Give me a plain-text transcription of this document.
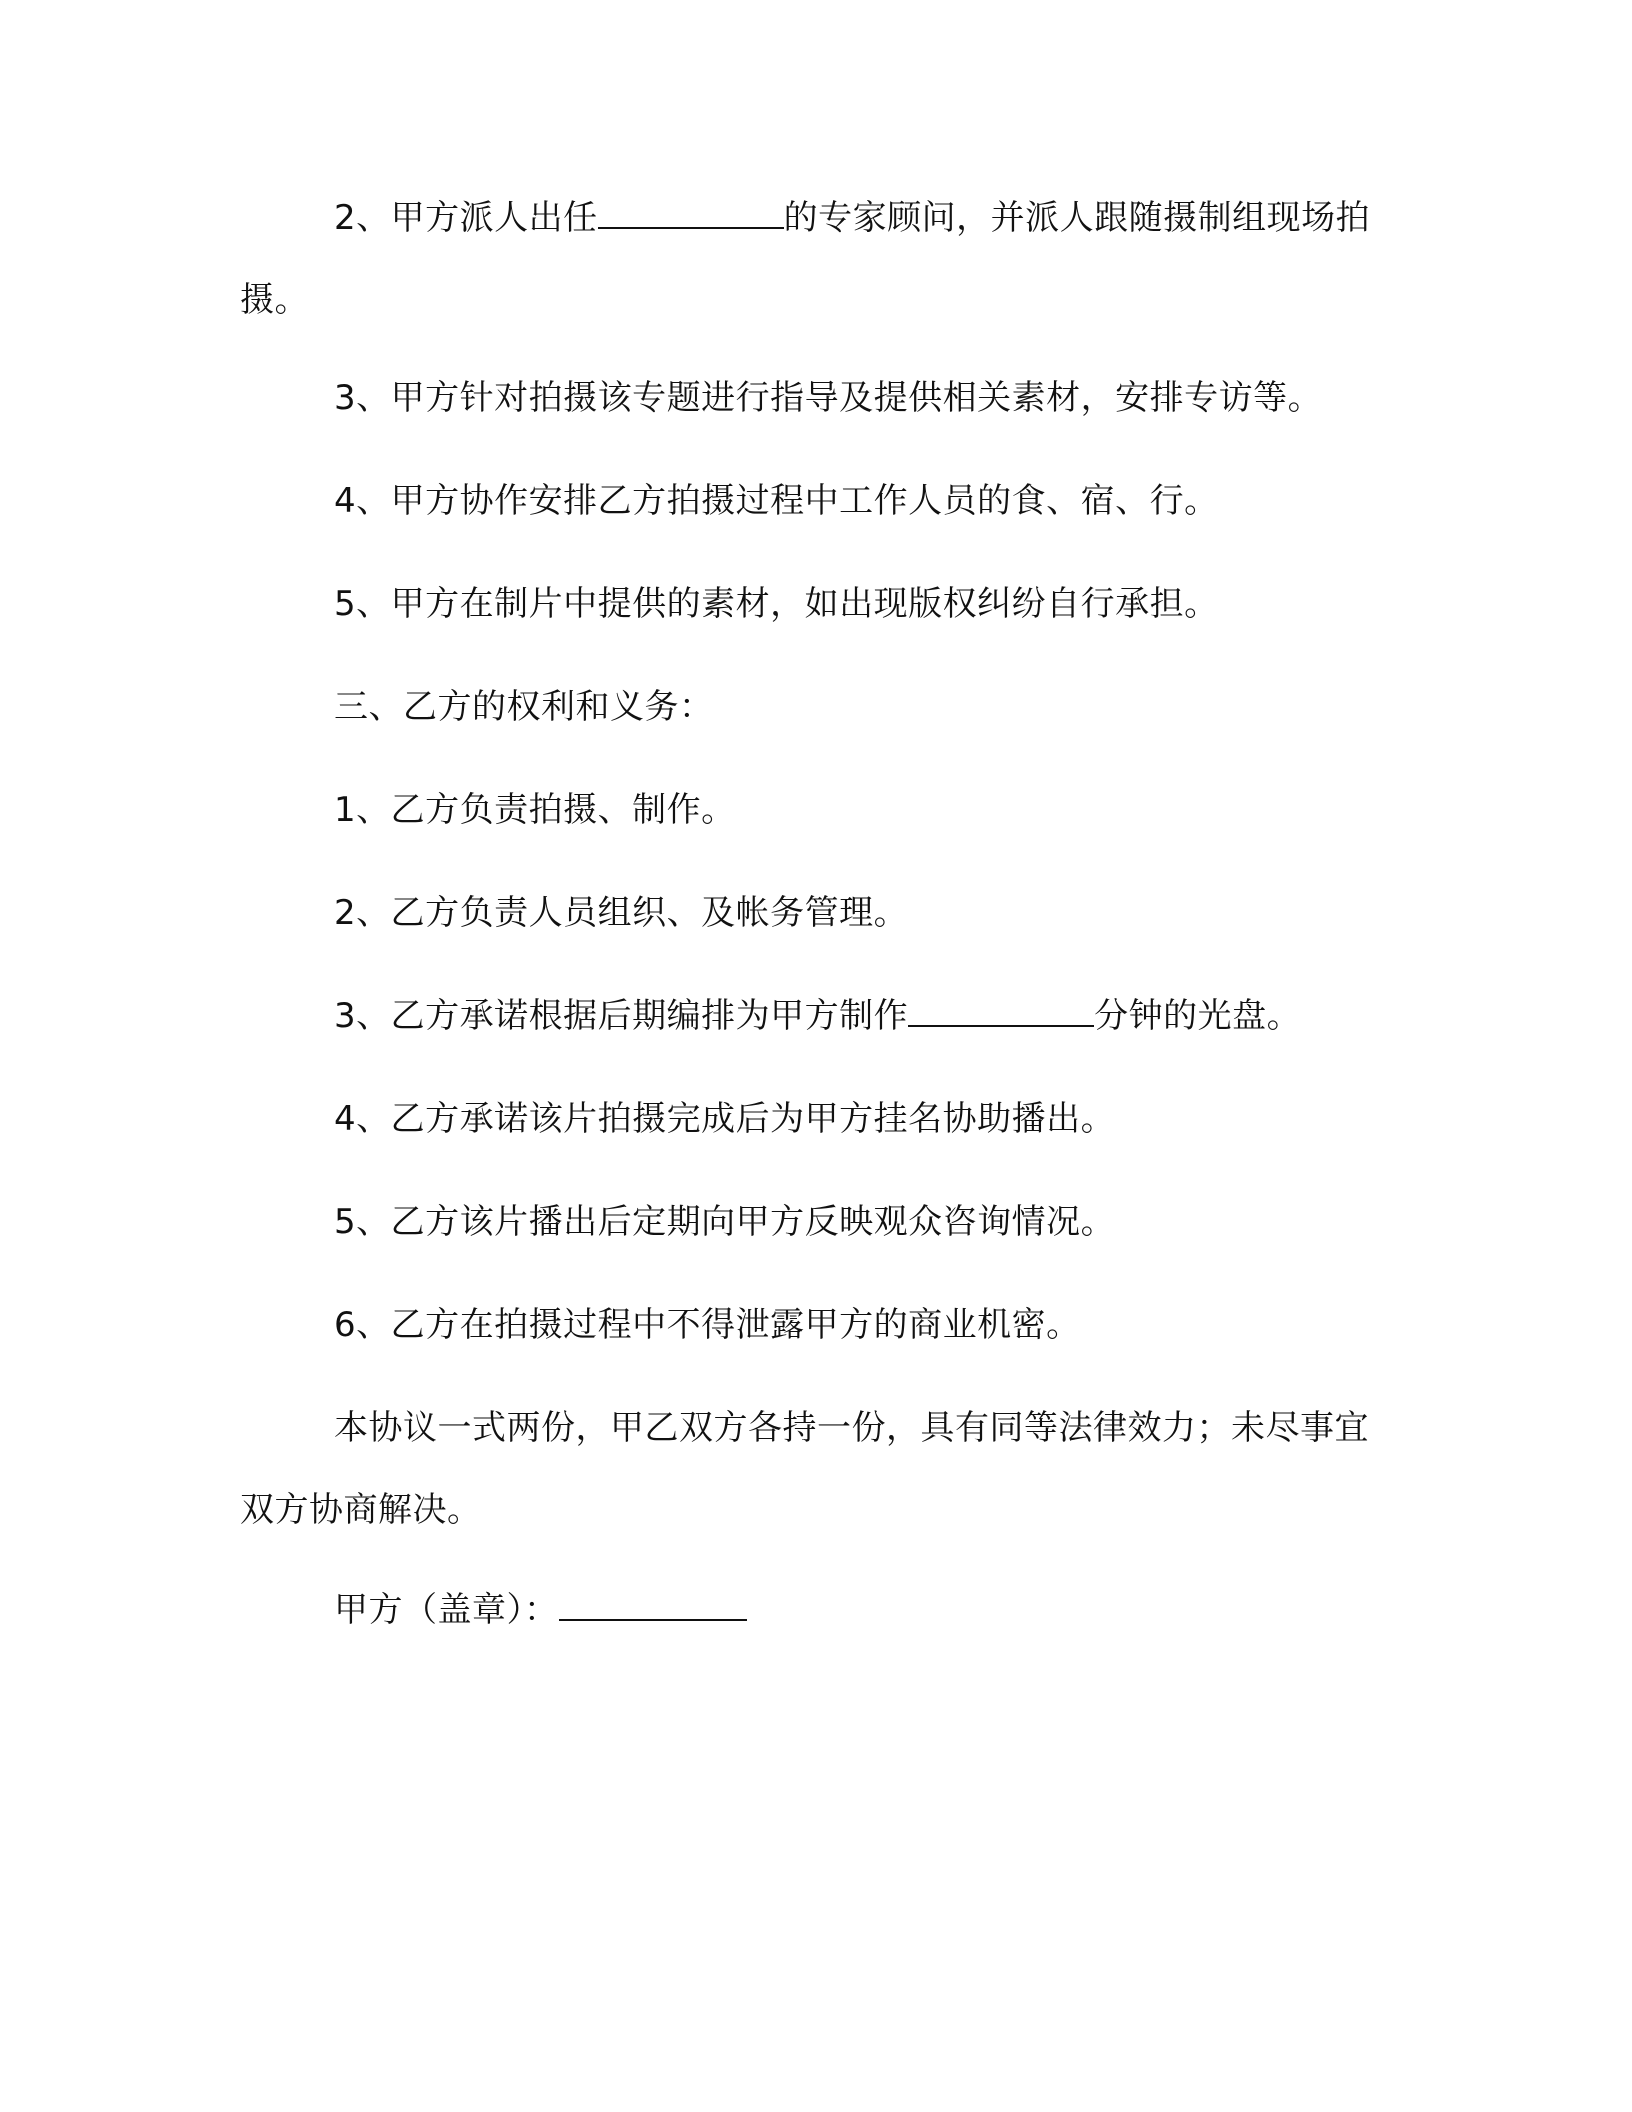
2、甲方派人出任	的专家顾问，并派人跟随摄制组现场拍摄。

3、甲方针对拍摄该专题进行指导及提供相关素材，安排专访等。

4、甲方协作安排乙方拍摄过程中工作人员的食、宿、行。

5、甲方在制片中提供的素材，如出现版权纠纷自行承担。

三、乙方的权利和义务：

1、乙方负责拍摄、制作。

2、乙方负责人员组织、及帐务管理。

3、乙方承诺根据后期编排为甲方制作	分钟的光盘。

4、乙方承诺该片拍摄完成后为甲方挂名协助播出。

5、乙方该片播出后定期向甲方反映观众咨询情况。

6、乙方在拍摄过程中不得泄露甲方的商业机密。

本协议一式两份，甲乙双方各持一份，具有同等法律效力；未尽事宜双方协商解决。

甲方（盖章）：
